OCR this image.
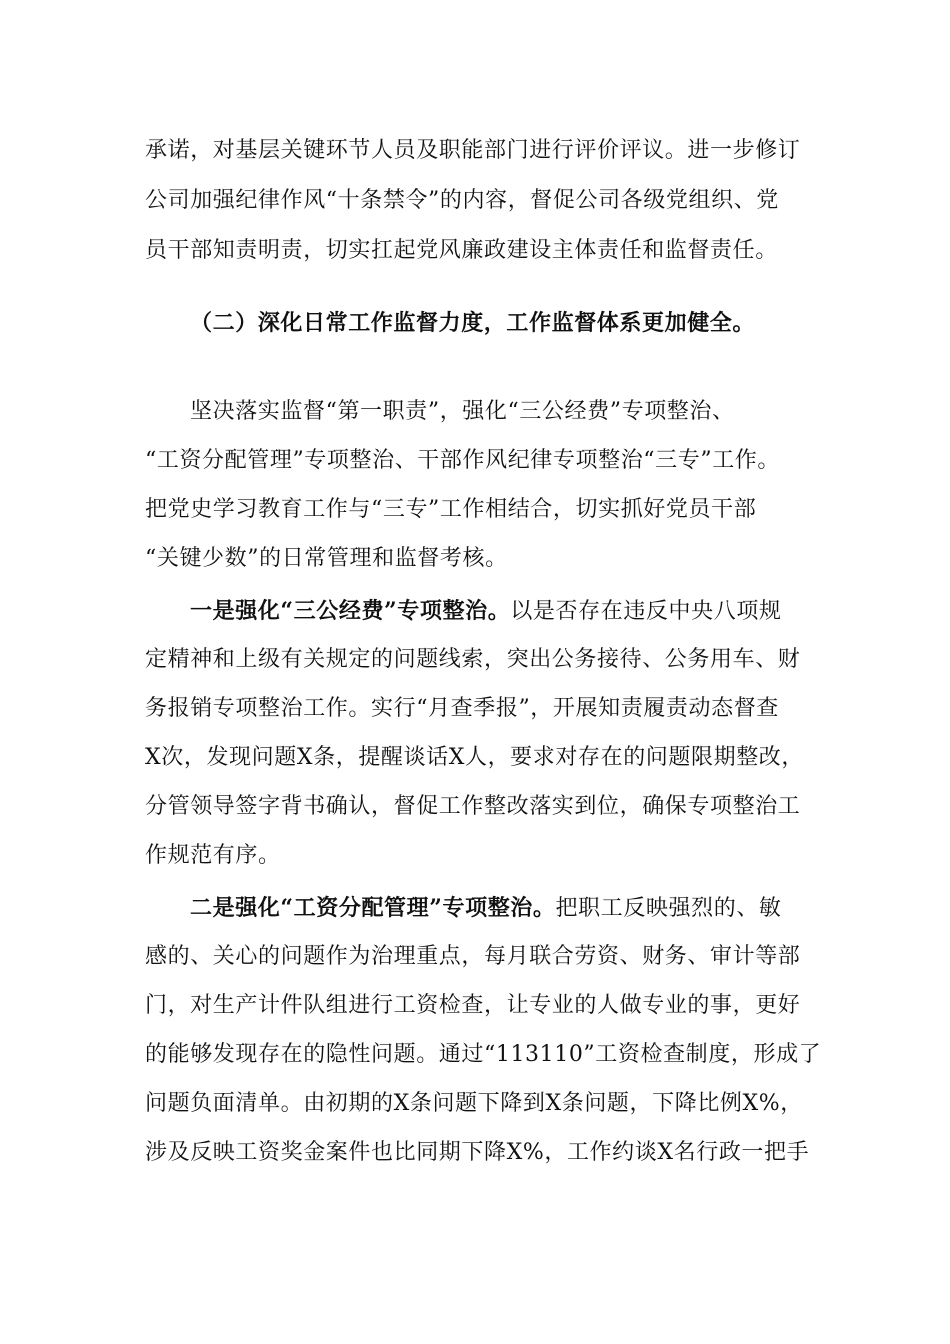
承诺，对基层关键环节人员及职能部门进行评价评议。进一步修订
公司加强纪律作风“十条禁令”的内容，督促公司各级党组织、党
员干部知责明责，切实扛起党风廉政建设主体责任和监督责任。
（二）深化日常工作监督力度，工作监督体系更加健全。
坚决落实监督“第一职责”，强化“三公经费”专项整治、
“工资分配管理”专项整治、干部作风纪律专项整治“三专”工作。
把党史学习教育工作与“三专”工作相结合，切实抓好党员干部
“关键少数”的日常管理和监督考核。
一是强化“三公经费”专项整治。以是否存在违反中央八项规
定精神和上级有关规定的问题线索，突出公务接待、公务用车、财
务报销专项整治工作。实行“月查季报”，开展知责履责动态督查
X次，发现问题X条，提醒谈话X人，要求对存在的问题限期整改，
分管领导签字背书确认，督促工作整改落实到位，确保专项整治工
作规范有序。
二是强化“工资分配管理”专项整治。把职工反映强烈的、敏
感的、关心的问题作为治理重点，每月联合劳资、财务、审计等部
门，对生产计件队组进行工资检查，让专业的人做专业的事，更好
的能够发现存在的隐性问题。通过“113110”工资检查制度，形成了
问题负面清单。由初期的X条问题下降到X条问题，下降比例X%，
涉及反映工资奖金案件也比同期下降X%，工作约谈X名行政一把手
